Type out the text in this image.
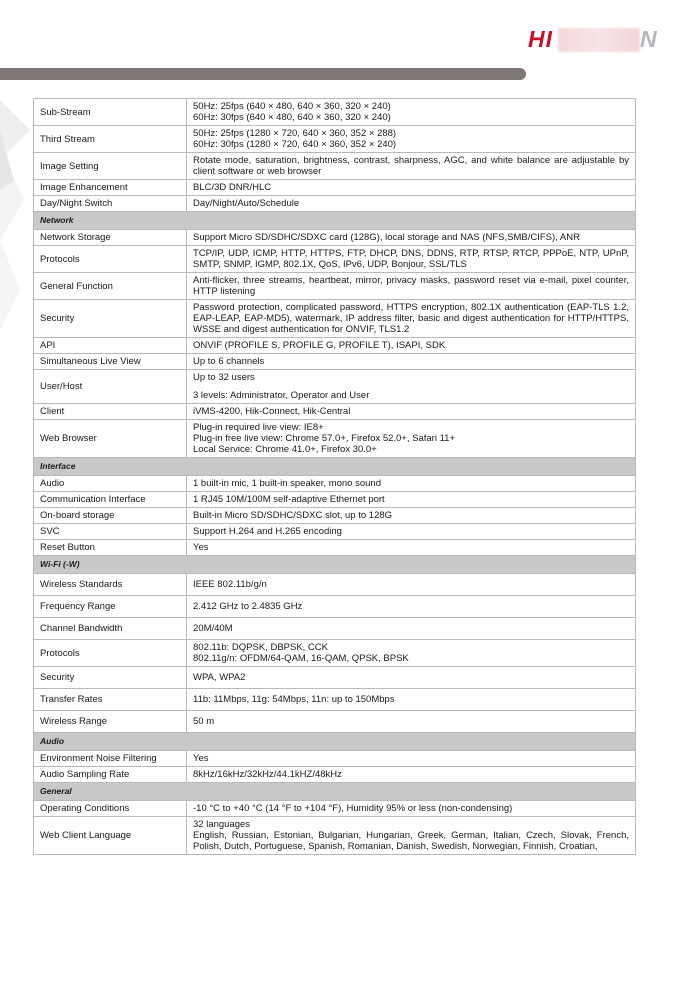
HI	N
Sub-Stream	50Hz: 25fps (640 × 480, 640 × 360, 320 × 240)
60Hz: 30fps (640 × 480, 640 × 360, 320 × 240)

Third Stream	50Hz: 25fps (1280 × 720, 640 × 360, 352 × 288)
60Hz: 30fps (1280 × 720, 640 × 360, 352 × 240)

Image Setting	Rotate mode, saturation, brightness, contrast, sharpness, AGC, and white balance are adjustable by client software or web browser

Image Enhancement	BLC/3D DNR/HLC

Day/Night Switch	Day/Night/Auto/Schedule

Network	
Network Storage	Support Micro SD/SDHC/SDXC card (128G), local storage and NAS (NFS,SMB/CIFS), ANR

Protocols	TCP/IP, UDP, ICMP, HTTP, HTTPS, FTP, DHCP, DNS, DDNS, RTP, RTSP, RTCP, PPPoE, NTP, UPnP, SMTP, SNMP, IGMP, 802.1X, QoS, IPv6, UDP, Bonjour, SSL/TLS

General Function	Anti-flicker, three streams, heartbeat, mirror, privacy masks, password reset via e-mail, pixel counter, HTTP listening

Security	Password protection, complicated password, HTTPS encryption, 802.1X authentication (EAP-TLS 1.2, EAP-LEAP, EAP-MD5), watermark, IP address filter, basic and digest authentication for HTTP/HTTPS, WSSE and digest authentication for ONVIF, TLS1.2

API	ONVIF (PROFILE S, PROFILE G, PROFILE T), ISAPI, SDK

Simultaneous Live View	Up to 6 channels

User/Host	Up to 32 users
3 levels: Administrator, Operator and User

Client	iVMS-4200, Hik-Connect, Hik-Central

Web Browser	Plug-in required live view: IE8+
Plug-in free live view: Chrome 57.0+, Firefox 52.0+, Safari 11+
Local Service: Chrome 41.0+, Firefox 30.0+

Interface	
Audio	1 built-in mic, 1 built-in speaker, mono sound

Communication Interface	1 RJ45 10M/100M self-adaptive Ethernet port

On-board storage	Built-in Micro SD/SDHC/SDXC slot, up to 128G

SVC	Support H.264 and H.265 encoding

Reset Button	Yes

Wi-Fi (-W)	
Wireless Standards	IEEE 802.11b/g/n

Frequency Range	2.412 GHz to 2.4835 GHz

Channel Bandwidth	20M/40M

Protocols	802.11b: DQPSK, DBPSK, CCK
802.11g/n: OFDM/64-QAM, 16-QAM, QPSK, BPSK

Security	WPA, WPA2

Transfer Rates	11b: 11Mbps, 11g: 54Mbps, 11n: up to 150Mbps

Wireless Range	50 m

Audio	
Environment Noise Filtering	Yes

Audio Sampling Rate	8kHz/16kHz/32kHz/44.1kHZ/48kHz

General	
Operating Conditions	-10 °C to +40 °C (14 °F to +104 °F), Humidity 95% or less (non-condensing)

Web Client Language	32 languages
English, Russian, Estonian, Bulgarian, Hungarian, Greek, German, Italian, Czech, Slovak, French, Polish, Dutch, Portuguese, Spanish, Romanian, Danish, Swedish, Norwegian, Finnish, Croatian,
